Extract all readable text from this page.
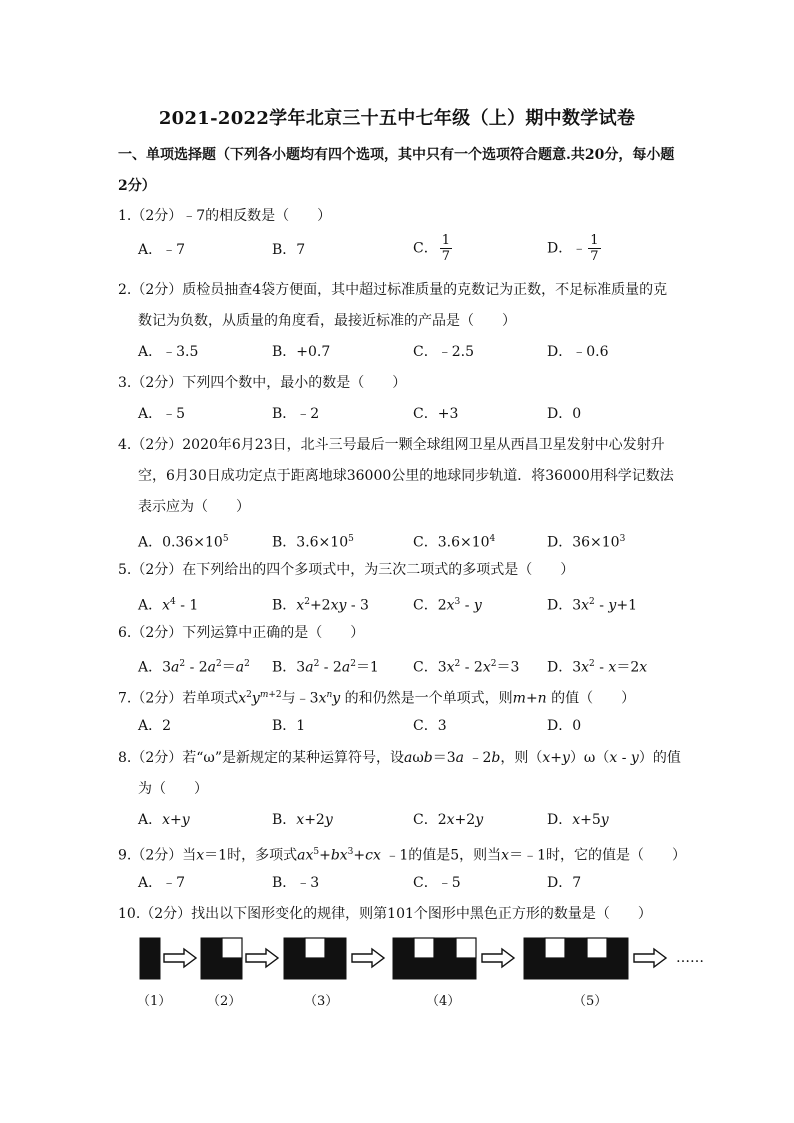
2021-2022学年北京三十五中七年级（上）期中数学试卷
一、单项选择题（下列各小题均有四个选项，其中只有一个选项符合题意.共20分，每小题
2分）
1.（2分）﹣7的相反数是（　　）
A．﹣7	B．7	C． $\frac{1}{7}$	D．﹣ $\frac{1}{7}$
2.（2分）质检员抽查4袋方便面，其中超过标准质量的克数记为正数，不足标准质量的克
数记为负数，从质量的角度看，最接近标准的产品是（　　）
A．﹣3.5	B．+0.7	C．﹣2.5	D．﹣0.6
3.（2分）下列四个数中，最小的数是（　　）
A．﹣5	B．﹣2	C．+3	D．0
4.（2分）2020年6月23日，北斗三号最后一颗全球组网卫星从西昌卫星发射中心发射升
空，6月30日成功定点于距离地球36000公里的地球同步轨道．将36000用科学记数法
表示应为（　　）
A．$0.36\times 10^5$	B．$3.6\times 10^5$	C．$3.6\times 10^4$	D．$36\times 10^3$
5.（2分）在下列给出的四个多项式中，为三次二项式的多项式是（　　）
A．$x^4 - 1$	B．$x^2+2xy - 3$	C．$2x^3$ - y	D．$3x^2 - y+1$
6.（2分）下列运算中正确的是（　　）
A．$3a^2 - 2a^2=a^2$ B．$3a^2 - 2a^2=1$ C．$3x^2 - 2x^2=3$ D．$3x^2 - x=2x$
7.（2分）若单项式$x^2y^{m+2}$与$﹣3x^ny$ 的和仍然是一个单项式，则m+n 的值（　　）
A．2	B．1	C．3	D．0
8.（2分）若“ω”是新规定的某种运算符号，设aωb＝3a ﹣2b，则（x+y）ω（x - y）的值
为（　　）
A．x+y	B．x+2y	C．2x+2y	D．x+5y
9.（2分）当x＝1时，多项式$ax^5+bx^3+cx$ ﹣1的值是5，则当x＝﹣1时，它的值是（　　）
A．﹣7	B．﹣3	C．﹣5	D．7
10.（2分）找出以下图形变化的规律，则第101个图形中黑色正方形的数量是（　　）
……
（1）	（2）	（3）	（4）	（5）
